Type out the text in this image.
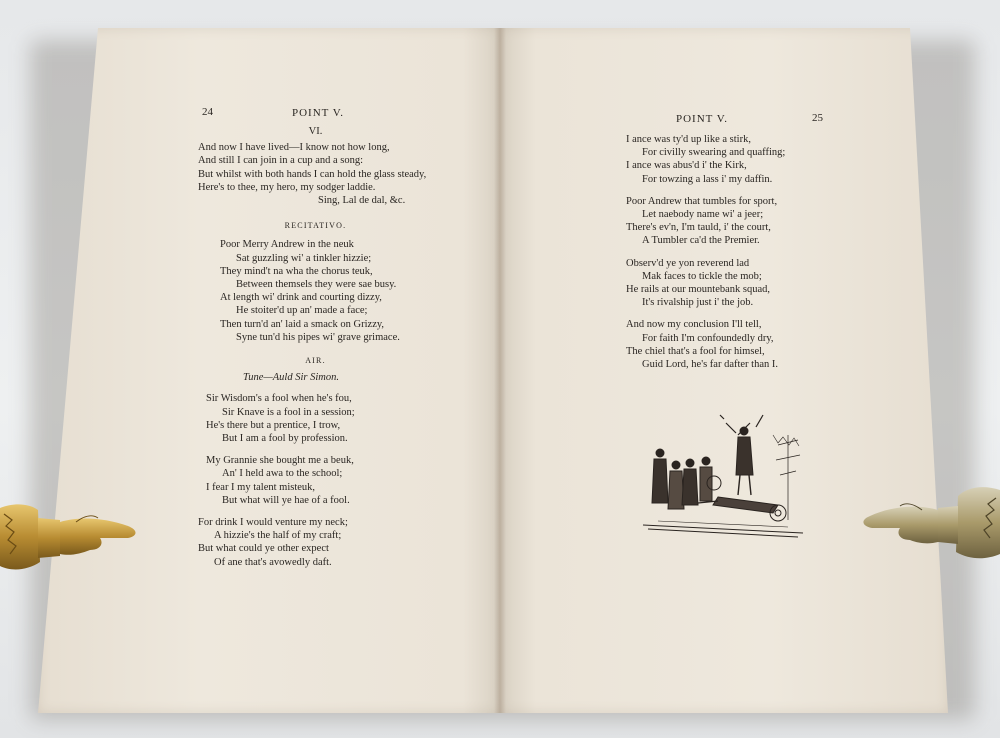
24	POINT V.
VI.
And now I have lived—I know not how long,
And still I can join in a cup and a song:
But whilst with both hands I can hold the glass steady,
Here's to thee, my hero, my sodger laddie.
Sing, Lal de dal, &c.
RECITATIVO.
Poor Merry Andrew in the neuk
Sat guzzling wi' a tinkler hizzie;
They mind't na wha the chorus teuk,
Between themsels they were sae busy.
At length wi' drink and courting dizzy,
He stoiter'd up an' made a face;
Then turn'd an' laid a smack on Grizzy,
Syne tun'd his pipes wi' grave grimace.
AIR.
Tune—Auld Sir Simon.
Sir Wisdom's a fool when he's fou,
Sir Knave is a fool in a session;
He's there but a prentice, I trow,
But I am a fool by profession.
My Grannie she bought me a beuk,
An' I held awa to the school;
I fear I my talent misteuk,
But what will ye hae of a fool.
For drink I would venture my neck;
A hizzie's the half of my craft;
But what could ye other expect
Of ane that's avowedly daft.
POINT V.	25
I ance was ty'd up like a stirk,
For civilly swearing and quaffing;
I ance was abus'd i' the Kirk,
For towzing a lass i' my daffin.
Poor Andrew that tumbles for sport,
Let naebody name wi' a jeer;
There's ev'n, I'm tauld, i' the court,
A Tumbler ca'd the Premier.
Observ'd ye yon reverend lad
Mak faces to tickle the mob;
He rails at our mountebank squad,
It's rivalship just i' the job.
And now my conclusion I'll tell,
For faith I'm confoundedly dry,
The chiel that's a fool for himsel,
Guid Lord, he's far dafter than I.
